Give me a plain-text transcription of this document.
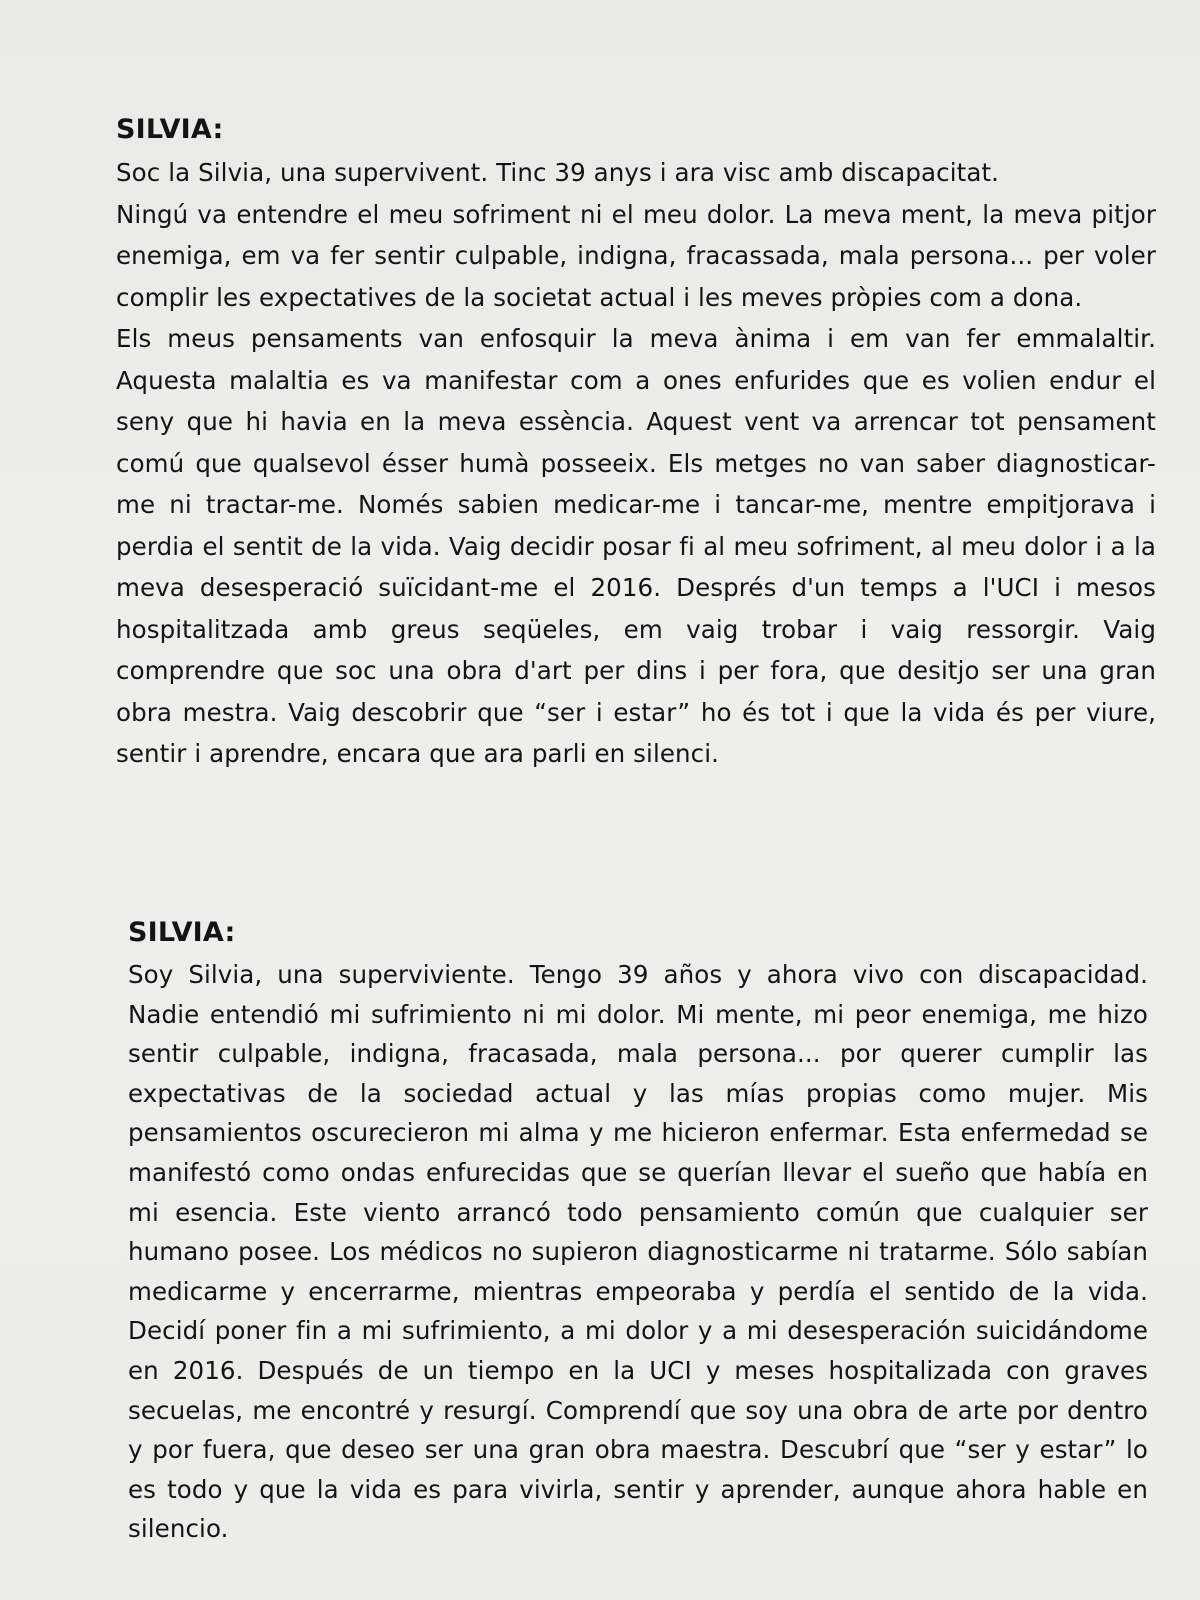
SILVIA:

Soc la Silvia, una supervivent. Tinc 39 anys i ara visc amb discapacitat.

Ningú va entendre el meu sofriment ni el meu dolor. La meva ment, la meva pitjor enemiga, em va fer sentir culpable, indigna, fracassada, mala persona... per voler complir les expectatives de la societat actual i les meves pròpies com a dona.

Els meus pensaments van enfosquir la meva ànima i em van fer emmalaltir. Aquesta malaltia es va manifestar com a ones enfurides que es volien endur el seny que hi havia en la meva essència. Aquest vent va arrencar tot pensament comú que qualsevol ésser humà posseeix. Els metges no van saber diagnosticar-me ni tractar-me. Només sabien medicar-me i tancar-me, mentre empitjorava i perdia el sentit de la vida. Vaig decidir posar fi al meu sofriment, al meu dolor i a la meva desesperació suïcidant-me el 2016. Després d'un temps a l'UCI i mesos hospitalitzada amb greus seqüeles, em vaig trobar i vaig ressorgir. Vaig comprendre que soc una obra d'art per dins i per fora, que desitjo ser una gran obra mestra. Vaig descobrir que “ser i estar” ho és tot i que la vida és per viure, sentir i aprendre, encara que ara parli en silenci.

SILVIA:

Soy Silvia, una superviviente. Tengo 39 años y ahora vivo con discapacidad. Nadie entendió mi sufrimiento ni mi dolor. Mi mente, mi peor enemiga, me hizo sentir culpable, indigna, fracasada, mala persona... por querer cumplir las expectativas de la sociedad actual y las mías propias como mujer. Mis pensamientos oscurecieron mi alma y me hicieron enfermar. Esta enfermedad se manifestó como ondas enfurecidas que se querían llevar el sueño que había en mi esencia. Este viento arrancó todo pensamiento común que cualquier ser humano posee. Los médicos no supieron diagnosticarme ni tratarme. Sólo sabían medicarme y encerrarme, mientras empeoraba y perdía el sentido de la vida. Decidí poner fin a mi sufrimiento, a mi dolor y a mi desesperación suicidándome en 2016. Después de un tiempo en la UCI y meses hospitalizada con graves secuelas, me encontré y resurgí. Comprendí que soy una obra de arte por dentro y por fuera, que deseo ser una gran obra maestra. Descubrí que “ser y estar” lo es todo y que la vida es para vivirla, sentir y aprender, aunque ahora hable en silencio.
